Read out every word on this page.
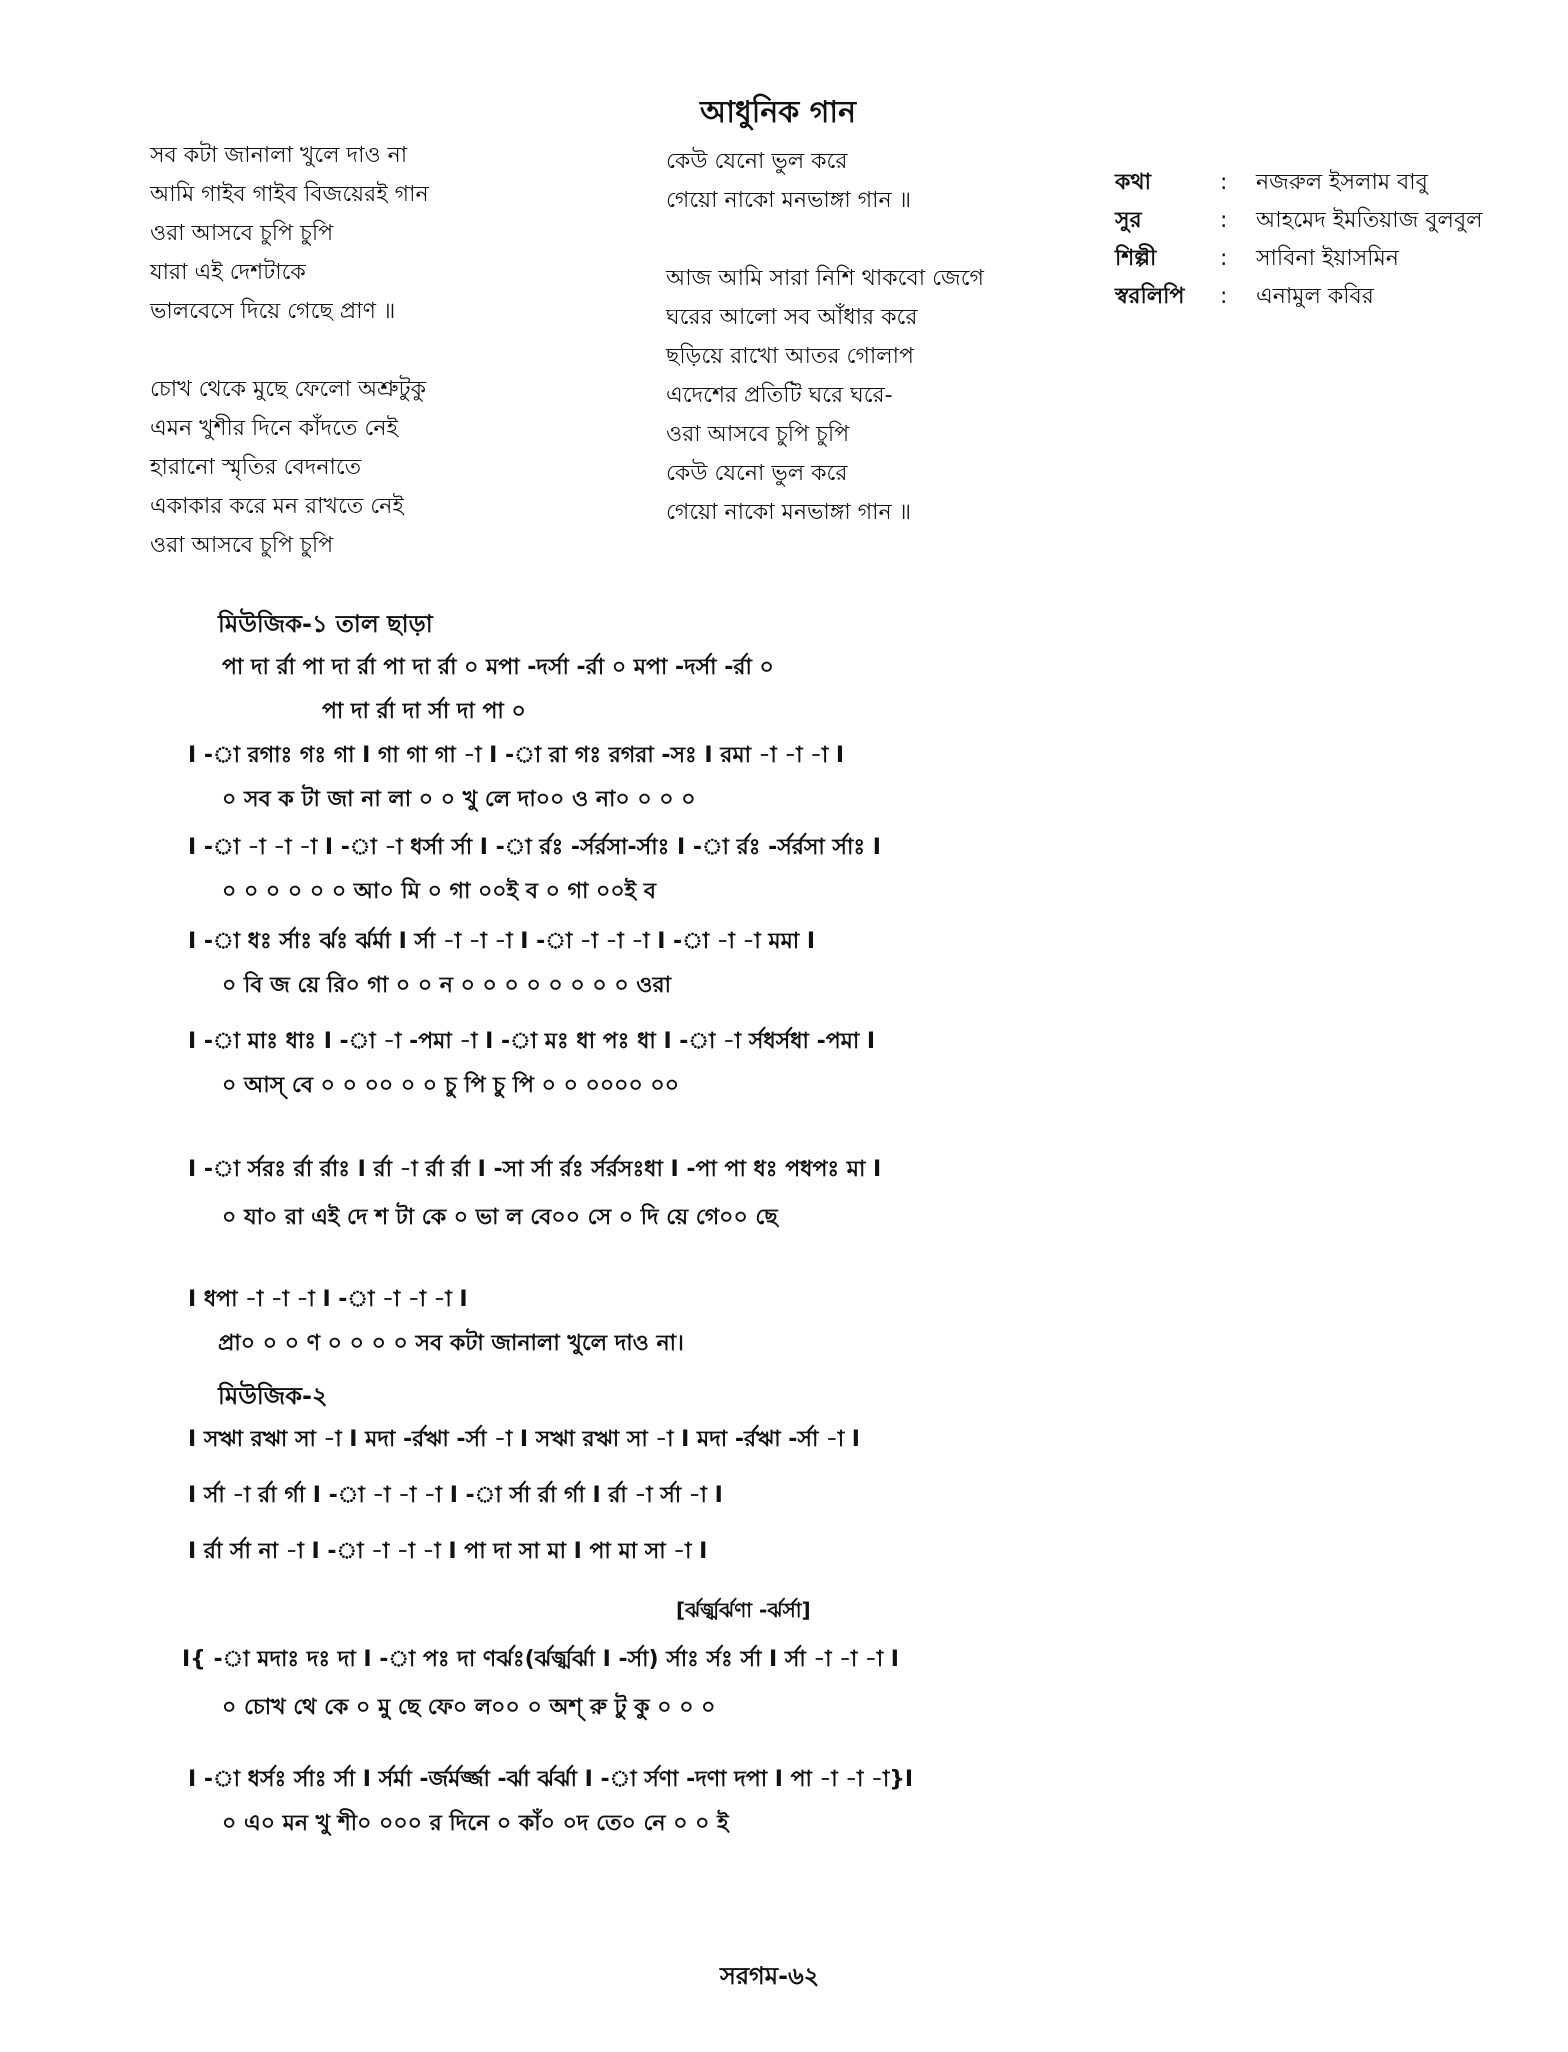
আধুনিক গান
সব কটা জানালা খুলে দাও না
আমি গাইব গাইব বিজয়েরই গান
ওরা আসবে চুপি চুপি
যারা এই দেশটাকে
ভালবেসে দিয়ে গেছে প্রাণ ॥
চোখ থেকে মুছে ফেলো অশ্রুটুকু
এমন খুশীর দিনে কাঁদতে নেই
হারানো স্মৃতির বেদনাতে
একাকার করে মন রাখতে নেই
ওরা আসবে চুপি চুপি
কেউ যেনো ভুল করে
গেয়ো নাকো মনভাঙ্গা গান ॥
আজ আমি সারা নিশি থাকবো জেগে
ঘরের আলো সব আঁধার করে
ছড়িয়ে রাখো আতর গোলাপ
এদেশের প্রতিটি ঘরে ঘরে-
ওরা আসবে চুপি চুপি
কেউ যেনো ভুল করে
গেয়ো নাকো মনভাঙ্গা গান ॥
কথা	:	নজরুল ইসলাম বাবু
সুর	:	আহমেদ ইমতিয়াজ বুলবুল
শিল্পী	:	সাবিনা ইয়াসমিন
স্বরলিপি	:	এনামুল কবির
মিউজিক-১ তাল ছাড়া
পা দা র্রা পা দা র্রা পা দা র্রা ০ মপা -দর্সা -র্রা ০ মপা -দর্সা -র্রা ০
পা দা র্রা দা র্সা দা পা ০
I -া রগাঃ গঃ গা I গা গা গা -া I -া রা গঃ রগরা -সঃ I রমা -া -া -া I
০ সব ক টা জা না লা ০ ০ খু লে দা০০ ও না০ ০ ০ ০
I -া -া -া -া I -া -া ধর্সা র্সা I -া র্রঃ -র্সর্রসা-র্সাঃ I -া র্রঃ -র্সর্রসা র্সাঃ I
০ ০ ০ ০ ০ ০ আ০ মি ০ গা ০০ই ব ০ গা ০০ই ব
I -া ধঃ র্সাঃ র্ঝঃ র্ঝর্মা I র্সা -া -া -া I -া -া -া -া I -া -া -া মমা I
০ বি জ য়ে রি০ গা ০ ০ ন ০ ০ ০ ০ ০ ০ ০ ০ ওরা
I -া মাঃ ধাঃ I -া -া -পমা -া I -া মঃ ধা পঃ ধা I -া -া র্সধর্সধা -পমা I
০ আস্ বে ০ ০ ০০ ০ ০ চু পি চু পি ০ ০ ০০০০ ০০
I -া র্সরঃ র্রা র্রাঃ I র্রা -া র্রা র্রা I -সা র্সা র্রঃ র্সর্রসঃধা I -পা পা ধঃ পধপঃ মা I
০ যা০ রা এই দে শ টা কে ০ ভা ল বে০০ সে ০ দি য়ে গে০০ ছে
I ধপা -া -া -া I -া -া -া -া I
প্রা০ ০ ০ ণ ০ ০ ০ ০ সব কটা জানালা খুলে দাও না।
মিউজিক-২
I সঋা রঋা সা -া I মদা -র্রঋা -র্সা -া I সঋা রঋা সা -া I মদা -র্রঋা -র্সা -া I
I র্সা -া র্রা র্গা I -া -া -া -া I -া র্সা র্রা র্গা I র্রা -া র্সা -া I
I র্রা র্সা না -া I -া -া -া -া I পা দা সা মা I পা মা সা -া I
[র্ঝর্জ্ঝর্ঝণা -র্ঝর্সা]
I{ -া মদাঃ দঃ দা I -া পঃ দা ণর্ঝঃ(র্ঝর্জ্ঝর্ঝা I -র্সা) র্সাঃ র্সঃ র্সা I র্সা -া -া -া I
০ চোখ থে কে ০ মু ছে ফে০ ল০০ ০ অশ্ রু টু কু ০ ০ ০
I -া ধর্সঃ র্সাঃ র্সা I র্সর্মা -র্জর্মর্জ্জা -র্ঝা র্ঝর্ঝা I -া র্সণা -দণা দপা I পা -া -া -া}I
০ এ০ মন খু শী০ ০০০ র দিনে ০ কাঁ০ ০দ তে০ নে ০ ০ ই
সরগম-৬২
